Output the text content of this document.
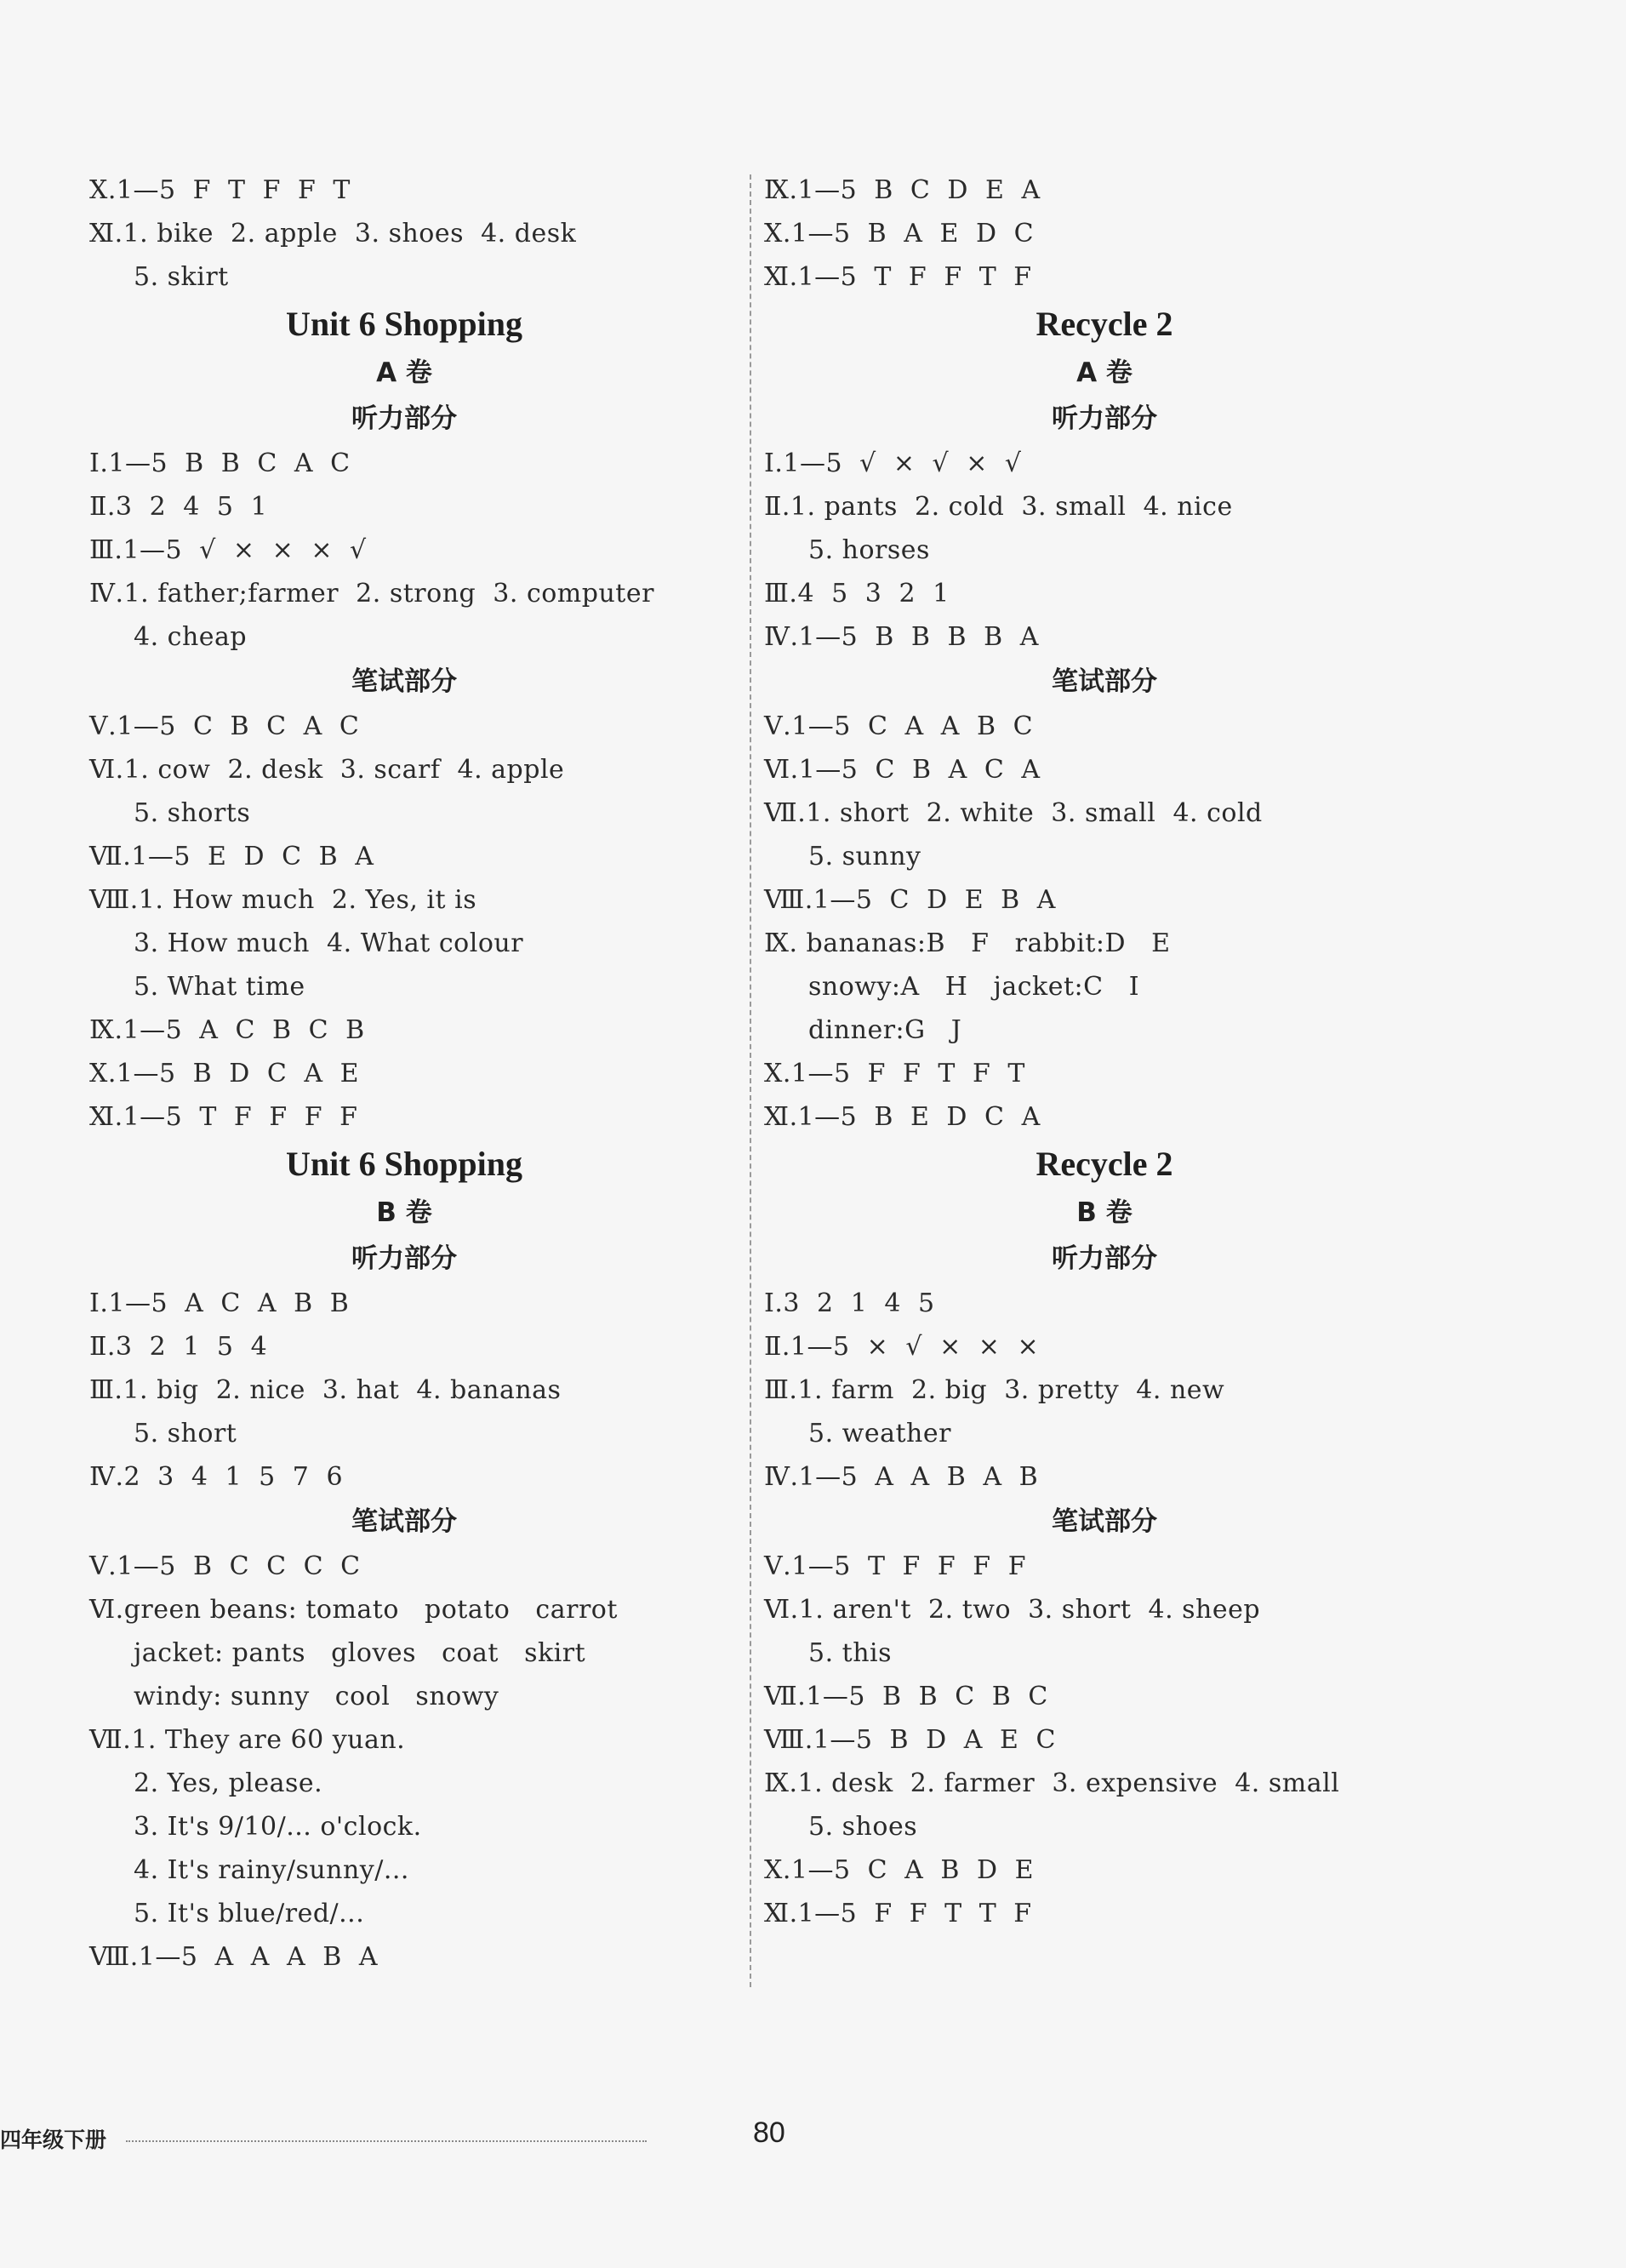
Ⅹ.1—5  F  T  F  F  T
Ⅺ.1. bike  2. apple  3. shoes  4. desk
5. skirt
Unit 6 Shopping
A 卷
听力部分
Ⅰ.1—5  B  B  C  A  C
Ⅱ.3  2  4  5  1
Ⅲ.1—5  √  ×  ×  ×  √
Ⅳ.1. father;farmer  2. strong  3. computer
4. cheap
笔试部分
Ⅴ.1—5  C  B  C  A  C
Ⅵ.1. cow  2. desk  3. scarf  4. apple
5. shorts
Ⅶ.1—5  E  D  C  B  A
Ⅷ.1. How much  2. Yes, it is
3. How much  4. What colour
5. What time
Ⅸ.1—5  A  C  B  C  B
Ⅹ.1—5  B  D  C  A  E
Ⅺ.1—5  T  F  F  F  F
Unit 6 Shopping
B 卷
听力部分
Ⅰ.1—5  A  C  A  B  B
Ⅱ.3  2  1  5  4
Ⅲ.1. big  2. nice  3. hat  4. bananas
5. short
Ⅳ.2  3  4  1  5  7  6
笔试部分
Ⅴ.1—5  B  C  C  C  C
Ⅵ.green beans: tomato   potato   carrot
jacket: pants   gloves   coat   skirt
windy: sunny   cool   snowy
Ⅶ.1. They are 60 yuan.
2. Yes, please.
3. It's 9/10/... o'clock.
4. It's rainy/sunny/...
5. It's blue/red/...
Ⅷ.1—5  A  A  A  B  A
Ⅸ.1—5  B  C  D  E  A
Ⅹ.1—5  B  A  E  D  C
Ⅺ.1—5  T  F  F  T  F
Recycle 2
A 卷
听力部分
Ⅰ.1—5  √  ×  √  ×  √
Ⅱ.1. pants  2. cold  3. small  4. nice
5. horses
Ⅲ.4  5  3  2  1
Ⅳ.1—5  B  B  B  B  A
笔试部分
Ⅴ.1—5  C  A  A  B  C
Ⅵ.1—5  C  B  A  C  A
Ⅶ.1. short  2. white  3. small  4. cold
5. sunny
Ⅷ.1—5  C  D  E  B  A
Ⅸ. bananas:B   F   rabbit:D   E
snowy:A   H   jacket:C   I
dinner:G   J
Ⅹ.1—5  F  F  T  F  T
Ⅺ.1—5  B  E  D  C  A
Recycle 2
B 卷
听力部分
Ⅰ.3  2  1  4  5
Ⅱ.1—5  ×  √  ×  ×  ×
Ⅲ.1. farm  2. big  3. pretty  4. new
5. weather
Ⅳ.1—5  A  A  B  A  B
笔试部分
Ⅴ.1—5  T  F  F  F  F
Ⅵ.1. aren't  2. two  3. short  4. sheep
5. this
Ⅶ.1—5  B  B  C  B  C
Ⅷ.1—5  B  D  A  E  C
Ⅸ.1. desk  2. farmer  3. expensive  4. small
5. shoes
Ⅹ.1—5  C  A  B  D  E
Ⅺ.1—5  F  F  T  T  F
四年级下册	80
